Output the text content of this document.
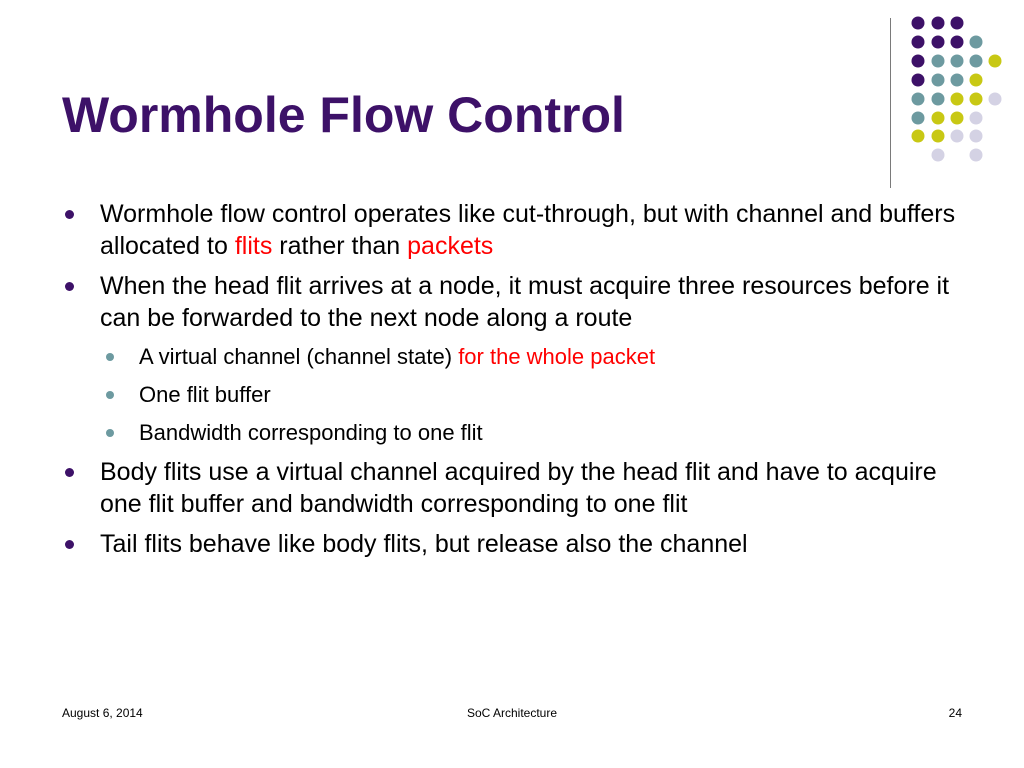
Wormhole Flow Control
Wormhole flow control operates like cut-through, but with channel and buffers allocated to flits rather than packets
When the head flit arrives at a node, it must acquire three resources before it can be forwarded to the next node along a route
A virtual channel (channel state) for the whole packet
One flit buffer
Bandwidth corresponding to one flit
Body flits use a virtual channel acquired by the head flit and have to acquire one flit buffer and bandwidth corresponding to one flit
Tail flits behave like body flits, but release also the channel
August 6, 2014	SoC Architecture	24
